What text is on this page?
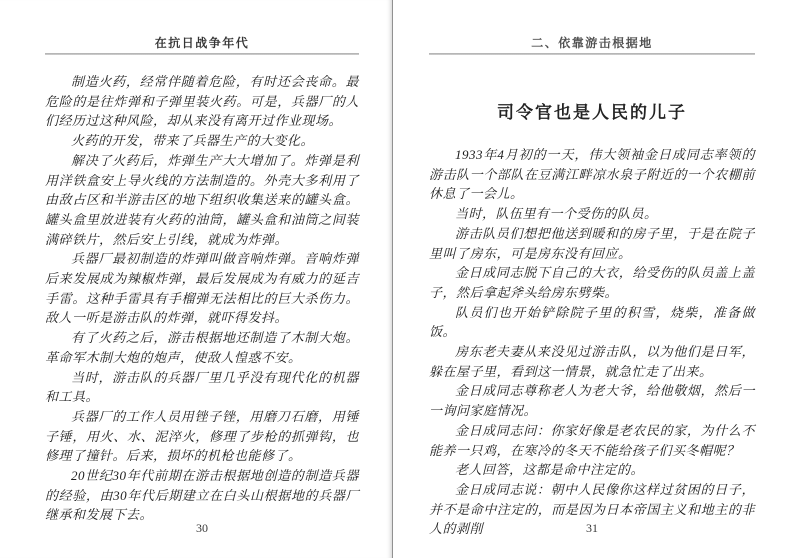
在抗日战争年代

制造火药，经常伴随着危险，有时还会丧命。最危险的是往炸弹和子弹里装火药。可是，兵器厂的人们经历过这种风险，却从来没有离开过作业现场。

火药的开发，带来了兵器生产的大变化。

解决了火药后，炸弹生产大大增加了。炸弹是利用洋铁盒安上导火线的方法制造的。外壳大多利用了由敌占区和半游击区的地下组织收集送来的罐头盒。罐头盒里放进装有火药的油筒，罐头盒和油筒之间装满碎铁片，然后安上引线，就成为炸弹。

兵器厂最初制造的炸弹叫做音响炸弹。音响炸弹后来发展成为辣椒炸弹，最后发展成为有威力的延吉手雷。这种手雷具有手榴弹无法相比的巨大杀伤力。敌人一听是游击队的炸弹，就吓得发抖。

有了火药之后，游击根据地还制造了木制大炮。革命军木制大炮的炮声，使敌人惶惑不安。

当时，游击队的兵器厂里几乎没有现代化的机器和工具。

兵器厂的工作人员用锉子锉，用磨刀石磨，用锤子锤，用火、水、泥淬火，修理了步枪的抓弹钩，也修理了撞针。后来，损坏的机枪也能修了。

20世纪30年代前期在游击根据地创造的制造兵器的经验，由30年代后期建立在白头山根据地的兵器厂继承和发展下去。

30
二、依靠游击根据地
司令官也是人民的儿子

1933年4月初的一天，伟大领袖金日成同志率领的游击队一个部队在豆满江畔凉水泉子附近的一个农棚前休息了一会儿。

当时，队伍里有一个受伤的队员。

游击队员们想把他送到暖和的房子里，于是在院子里叫了房东，可是房东没有回应。

金日成同志脱下自己的大衣，给受伤的队员盖上盖子，然后拿起斧头给房东劈柴。

队员们也开始铲除院子里的积雪，烧柴，准备做饭。

房东老夫妻从来没见过游击队，以为他们是日军，躲在屋子里，看到这一情景，就急忙走了出来。

金日成同志尊称老人为老大爷，给他敬烟，然后一一询问家庭情况。

金日成同志问：你家好像是老农民的家，为什么不能养一只鸡，在寒冷的冬天不能给孩子们买冬帽呢？

老人回答，这都是命中注定的。

金日成同志说：朝中人民像你这样过贫困的日子，并不是命中注定的，而是因为日本帝国主义和地主的非人的剥削	31
